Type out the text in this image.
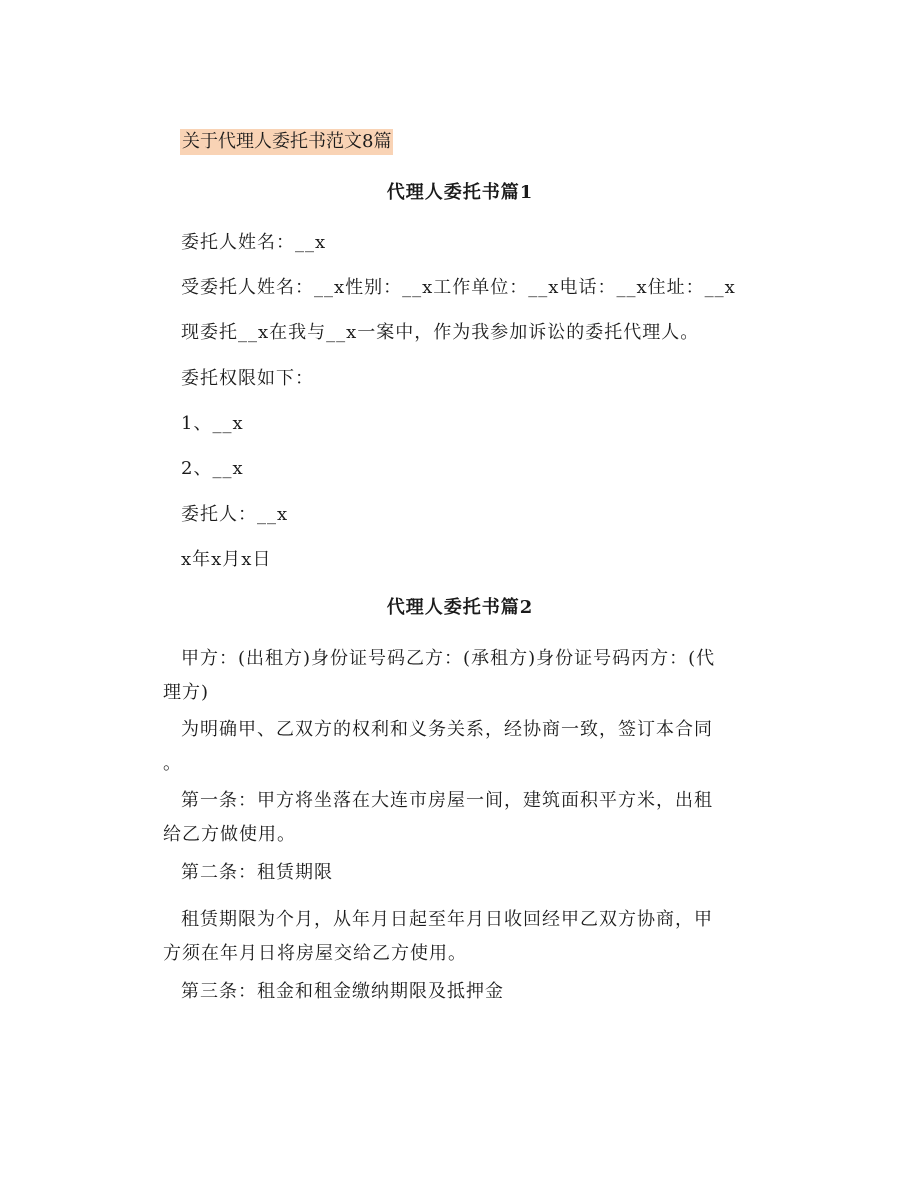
关于代理人委托书范文8篇
代理人委托书篇1
委托人姓名：__x
受委托人姓名：__x性别：__x工作单位：__x电话：__x住址：__x
现委托__x在我与__x一案中，作为我参加诉讼的委托代理人。
委托权限如下：
1、__x
2、__x
委托人：__x
x年x月x日
代理人委托书篇2
甲方：(出租方)身份证号码乙方：(承租方)身份证号码丙方：(代
理方)
为明确甲、乙双方的权利和义务关系，经协商一致，签订本合同
。
第一条：甲方将坐落在大连市房屋一间，建筑面积平方米，出租
给乙方做使用。
第二条：租赁期限
租赁期限为个月，从年月日起至年月日收回经甲乙双方协商，甲
方须在年月日将房屋交给乙方使用。
第三条：租金和租金缴纳期限及抵押金
